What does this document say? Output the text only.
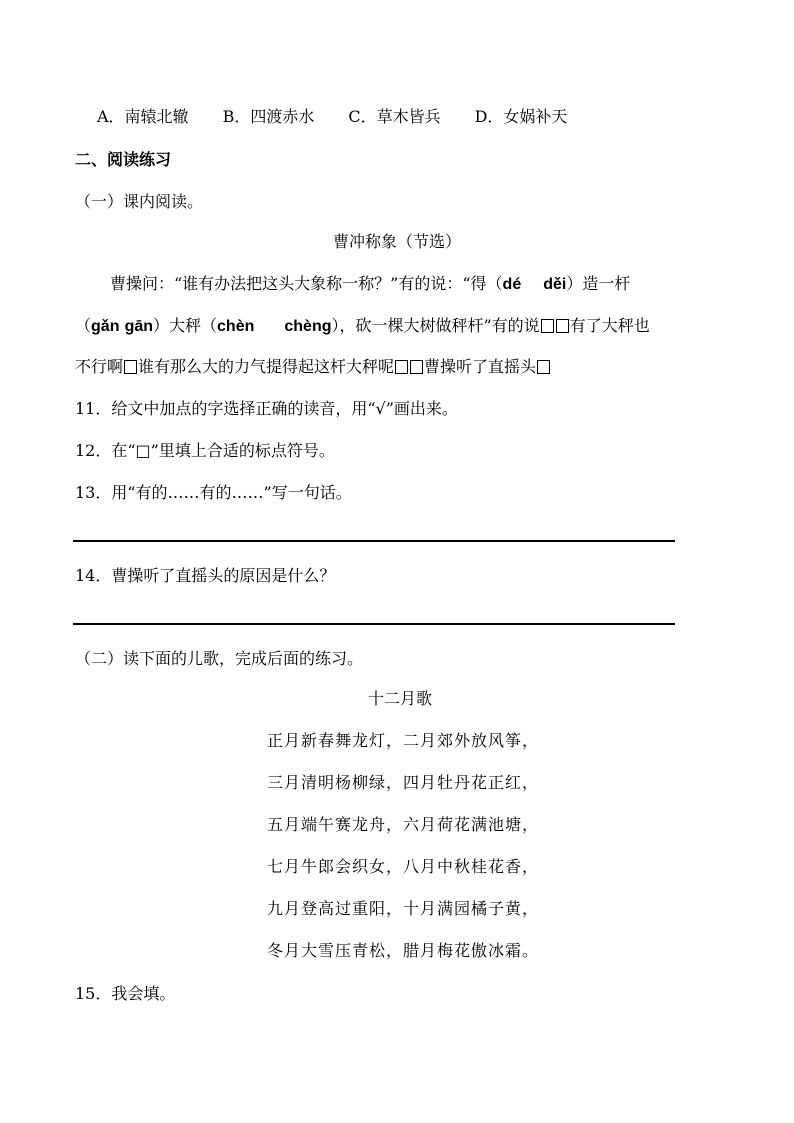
A．南辕北辙 B．四渡赤水 C．草木皆兵 D．女娲补天
二、阅读练习
（一）课内阅读。
曹冲称象（节选）
曹操问：“谁有办法把这头大象称一称？”有的说：“得（dé děi）造一杆
（gǎn gān）大秤（chèn chèng），砍一棵大树做秤杆”有的说 有了大秤也
不行啊 谁有那么大的力气提得起这杆大秤呢 曹操听了直摇头
11．给文中加点的字选择正确的读音，用“√”画出来。
12．在“□”里填上合适的标点符号。
13．用“有的……有的……”写一句话。
14．曹操听了直摇头的原因是什么？
（二）读下面的儿歌，完成后面的练习。
十二月歌
正月新春舞龙灯，二月郊外放风筝，
三月清明杨柳绿，四月牡丹花正红，
五月端午赛龙舟，六月荷花满池塘，
七月牛郎会织女，八月中秋桂花香，
九月登高过重阳，十月满园橘子黄，
冬月大雪压青松，腊月梅花傲冰霜。
15．我会填。
